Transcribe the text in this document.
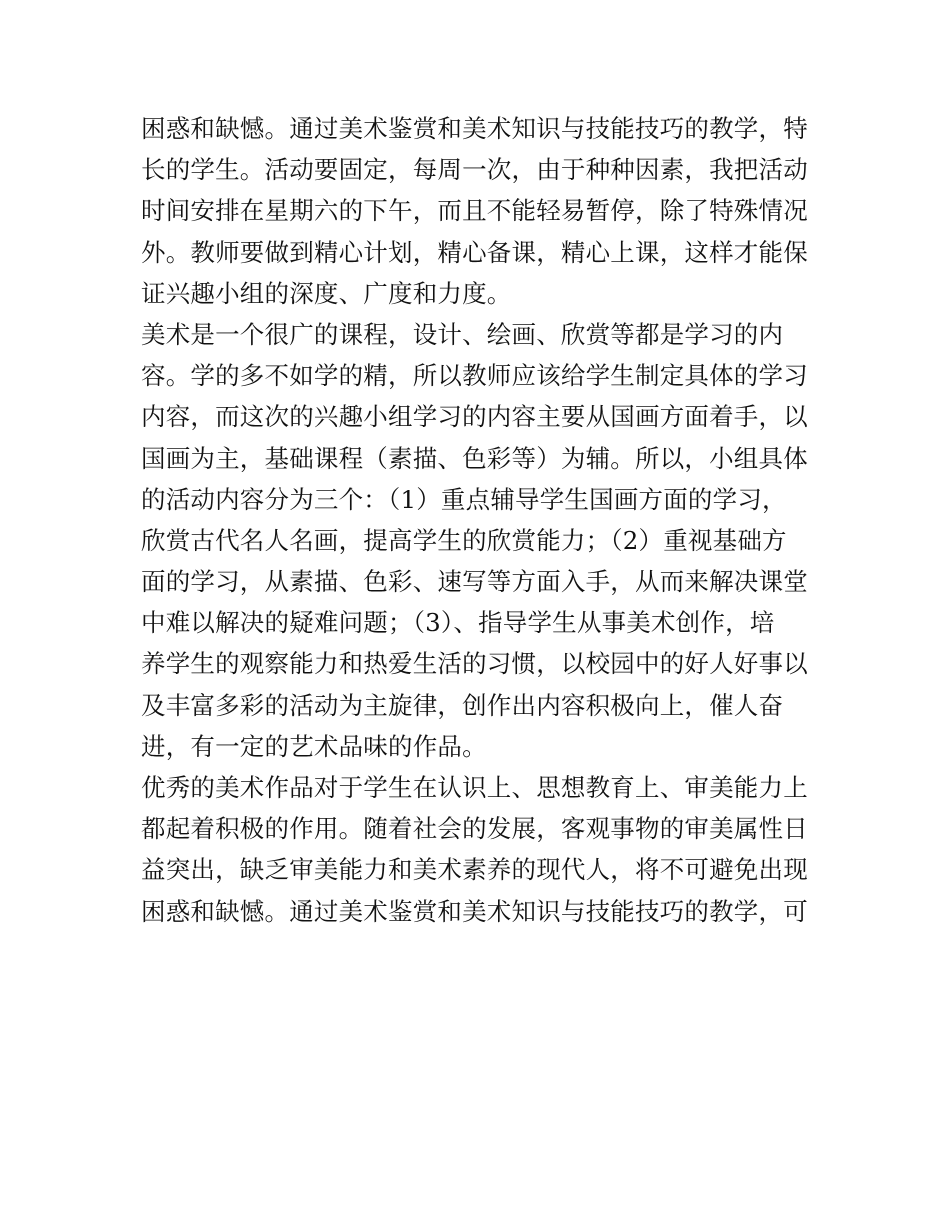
困惑和缺憾。通过美术鉴赏和美术知识与技能技巧的教学，特
长的学生。活动要固定，每周一次，由于种种因素，我把活动
时间安排在星期六的下午，而且不能轻易暂停，除了特殊情况
外。教师要做到精心计划，精心备课，精心上课，这样才能保
证兴趣小组的深度、广度和力度。
美术是一个很广的课程，设计、绘画、欣赏等都是学习的内
容。学的多不如学的精，所以教师应该给学生制定具体的学习
内容，而这次的兴趣小组学习的内容主要从国画方面着手，以
国画为主，基础课程（素描、色彩等）为辅。所以，小组具体
的活动内容分为三个：（1）重点辅导学生国画方面的学习，
欣赏古代名人名画，提高学生的欣赏能力；（2）重视基础方
面的学习，从素描、色彩、速写等方面入手，从而来解决课堂
中难以解决的疑难问题；（3）、指导学生从事美术创作，培
养学生的观察能力和热爱生活的习惯，以校园中的好人好事以
及丰富多彩的活动为主旋律，创作出内容积极向上，催人奋
进，有一定的艺术品味的作品。
优秀的美术作品对于学生在认识上、思想教育上、审美能力上
都起着积极的作用。随着社会的发展，客观事物的审美属性日
益突出，缺乏审美能力和美术素养的现代人，将不可避免出现
困惑和缺憾。通过美术鉴赏和美术知识与技能技巧的教学，可
